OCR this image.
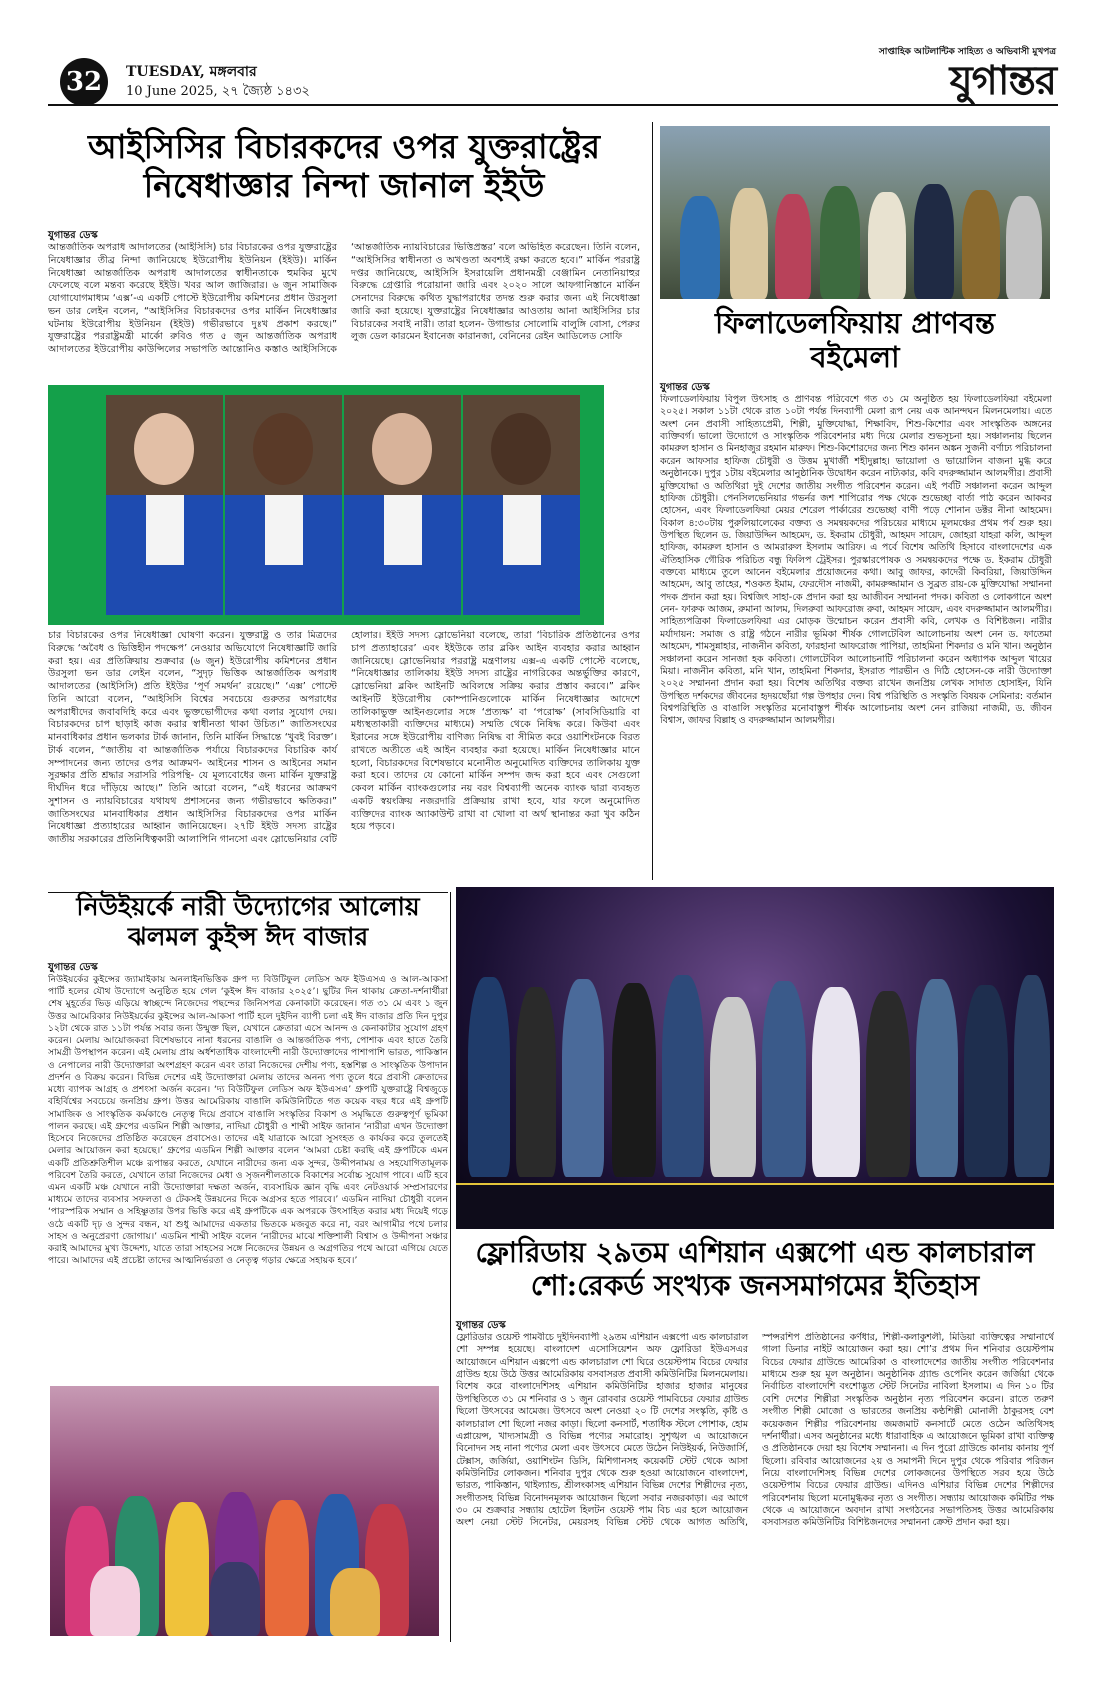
32	TUESDAY, মঙ্গলবার
10 June 2025, ২৭ জ্যৈষ্ঠ ১৪৩২
সাপ্তাহিক আটলান্টিক সাহিত্য ও অভিবাসী মুখপত্র
যুগান্তর
আইসিসির বিচারকদের ওপর যুক্তরাষ্ট্রের
নিষেধাজ্ঞার নিন্দা জানাল ইইউ
যুগান্তর ডেস্ক
আন্তর্জাতিক অপরাধ আদালতের (আইসিসি) চার বিচারকের ওপর যুক্তরাষ্ট্রের নিষেধাজ্ঞার তীব্র নিন্দা জানিয়েছে ইউরোপীয় ইউনিয়ন (ইইউ)। মার্কিন নিষেধাজ্ঞা আন্তর্জাতিক অপরাধ আদালতের স্বাধীনতাকে হুমকির মুখে ফেলেছে বলে মন্তব্য করেছে ইইউ। খবর আল জাজিরার। ৬ জুন সামাজিক যোগাযোগমাধ্যম ‘এক্স’-এ একটি পোস্টে ইউরোপীয় কমিশনের প্রধান উরসুলা ভন ডার লেইন বলেন, “আইসিসির বিচারকদের ওপর মার্কিন নিষেধাজ্ঞার ঘটনায় ইউরোপীয় ইউনিয়ন (ইইউ) গভীরভাবে দুঃখ প্রকাশ করছে।” যুক্তরাষ্ট্রের পররাষ্ট্রমন্ত্রী মার্কো রুবিও গত ৫ জুন আন্তর্জাতিক অপরাধ আদালতের ইউরোপীয় কাউন্সিলের সভাপতি আন্তোনিও কস্তাও আইসিসিকে ‘আন্তর্জাতিক ন্যায়বিচারের ভিত্তিপ্রস্তর’ বলে অভিহিত করেছেন। তিনি বলেন, “আইসিসির স্বাধীনতা ও অখণ্ডতা অবশ্যই রক্ষা করতে হবে।” মার্কিন পররাষ্ট্র দপ্তর জানিয়েছে, আইসিসি ইসরায়েলি প্রধানমন্ত্রী বেঞ্জামিন নেতানিয়াহুর বিরুদ্ধে গ্রেপ্তারি পরোয়ানা জারি এবং ২০২০ সালে আফগানিস্তানে মার্কিন সেনাদের বিরুদ্ধে কথিত যুদ্ধাপরাধের তদন্ত শুরু করার জন্য এই নিষেধাজ্ঞা জারি করা হয়েছে। যুক্তরাষ্ট্রের নিষেধাজ্ঞার আওতায় আনা আইসিসির চার বিচারকের সবাই নারী। তারা হলেন- উগান্ডার সোলোমি বালুঙ্গি বোসা, পেরুর লুজ ডেল কারমেন ইবানেজ কারানজা, বেনিনের রেইন আডিলেড সোফি
চার বিচারকের ওপর নিষেধাজ্ঞা ঘোষণা করেন। যুক্তরাষ্ট্র ও তার মিত্রদের বিরুদ্ধে ‘অবৈধ ও ভিত্তিহীন পদক্ষেপ’ নেওয়ার অভিযোগে নিষেধাজ্ঞাটি জারি করা হয়। এর প্রতিক্রিয়ায় শুক্রবার (৬ জুন) ইউরোপীয় কমিশনের প্রধান উরসুলা ভন ডার লেইন বলেন, “সুদৃঢ় ভিত্তিক আন্তর্জাতিক অপরাধ আদালতের (আইসিসি) প্রতি ইইউর ‘পূর্ণ সমর্থন’ রয়েছে।” ‘এক্স’ পোস্টে তিনি আরো বলেন, “আইসিসি বিশ্বের সবচেয়ে গুরুতর অপরাধের অপরাধীদের জবাবদিহি করে এবং ভুক্তভোগীদের কথা বলার সুযোগ দেয়। বিচারকদের চাপ ছাড়াই কাজ করার স্বাধীনতা থাকা উচিত।” জাতিসংঘের মানবাধিকার প্রধান ভলকার টার্ক জানান, তিনি মার্কিন সিদ্ধান্তে ‘খুবই বিরক্ত’। টার্ক বলেন, “জাতীয় বা আন্তর্জাতিক পর্যায়ে বিচারকদের বিচারিক কার্য সম্পাদনের জন্য তাদের ওপর আক্রমণ- আইনের শাসন ও আইনের সমান সুরক্ষার প্রতি শ্রদ্ধার সরাসরি পরিপন্থি- যে মূল্যবোধের জন্য মার্কিন যুক্তরাষ্ট্র দীর্ঘদিন ধরে দাঁড়িয়ে আছে।” তিনি আরো বলেন, “এই ধরনের আক্রমণ সুশাসন ও ন্যায়বিচারের যথাযথ প্রশাসনের জন্য গভীরভাবে ক্ষতিকর।” জাতিসংঘের মানবাধিকার প্রধান আইসিসির বিচারকদের ওপর মার্কিন নিষেধাজ্ঞা প্রত্যাহারের আহ্বান জানিয়েছেন। ২৭টি ইইউ সদস্য রাষ্ট্রের জাতীয় সরকারের প্রতিনিধিত্বকারী আলাপিনি গানসো এবং স্লোভেনিয়ার বেটি হোলার। ইইউ সদস্য স্লোভেনিয়া বলেছে, তারা ‘বিচারিক প্রতিষ্ঠানের ওপর চাপ প্রত্যাহারের’ এবং ইইউকে তার ব্লকিং আইন ব্যবহার করার আহ্বান জানিয়েছে। স্লোভেনিয়ার পররাষ্ট্র মন্ত্রণালয় এক্স-এ একটি পোস্টে বলেছে, “নিষেধাজ্ঞার তালিকায় ইইউ সদস্য রাষ্ট্রের নাগরিকের অন্তর্ভুক্তির কারণে, স্লোভেনিয়া ব্লকিং আইনটি অবিলম্বে সক্রিয় করার প্রস্তাব করবে।” ব্লকিং আইনটি ইউরোপীয় কোম্পানিগুলোকে মার্কিন নিষেধাজ্ঞার আদেশে তালিকাভুক্ত আইনগুলোর সঙ্গে ‘প্রত্যক্ষ’ বা ‘পরোক্ষ’ (সাবসিডিয়ারি বা মধ্যস্থতাকারী ব্যক্তিদের মাধ্যমে) সম্মতি থেকে নিষিদ্ধ করে। কিউবা এবং ইরানের সঙ্গে ইউরোপীয় বাণিজ্য নিষিদ্ধ বা সীমিত করে ওয়াশিংটনকে বিরত রাখতে অতীতে এই আইন ব্যবহার করা হয়েছে। মার্কিন নিষেধাজ্ঞার মানে হলো, বিচারকদের বিশেষভাবে মনোনীত অনুমোদিত ব্যক্তিদের তালিকায় যুক্ত করা হবে। তাদের যে কোনো মার্কিন সম্পদ জব্দ করা হবে এবং সেগুলো কেবল মার্কিন ব্যাংকগুলোর নয় বরং বিশ্বব্যাপী অনেক ব্যাংক দ্বারা ব্যবহৃত একটি স্বয়ংক্রিয় নজরদারি প্রক্রিয়ায় রাখা হবে, যার ফলে অনুমোদিত ব্যক্তিদের ব্যাংক অ্যাকাউন্ট রাখা বা খোলা বা অর্থ স্থানান্তর করা খুব কঠিন হয়ে পড়বে।
ফিলাডেলফিয়ায় প্রাণবন্ত
বইমেলা
যুগান্তর ডেস্ক
ফিলাডেলফিয়ায় বিপুল উৎসাহ ও প্রাণবন্ত পরিবেশে গত ৩১ মে অনুষ্ঠিত হয় ফিলাডেলফিয়া বইমেলা ২০২৫। সকাল ১১টা থেকে রাত ১০টা পর্যন্ত দিনব্যাপী মেলা রূপ নেয় এক আনন্দঘন মিলনমেলায়। এতে অংশ নেন প্রবাসী সাহিত্যপ্রেমী, শিল্পী, মুক্তিযোদ্ধা, শিক্ষাবিদ, শিশু-কিশোর এবং সাংস্কৃতিক অঙ্গনের ব্যক্তিবর্গ। ভালো উদ্যোগে ও সাংস্কৃতিক পরিবেশনার মধ্য দিয়ে মেলার শুভসূচনা হয়। সঞ্চালনায় ছিলেন কামরুল হাসান ও মিনহাজুর রহমান মারুফ। শিশু-কিশোরদের জন্য শিশু কানন অঙ্কন সুজনী বর্ণাঢ্য পরিচালনা করেন আফসার হাফিজ চৌধুরী ও উত্তম মুখার্জী শহীদুল্লাহ। ভায়োলা ও ভায়োলিন বাজনা মুগ্ধ করে অনুষ্ঠানকে। দুপুর ১টায় বইমেলার আনুষ্ঠানিক উদ্বোধন করেন নাট্যকার, কবি বদরুজ্জামান আলমগীর। প্রবাসী মুক্তিযোদ্ধা ও অতিথিরা দুই দেশের জাতীয় সংগীত পরিবেশন করেন। এই পর্বটি সঞ্চালনা করেন আব্দুল হাফিজ চৌধুরী। পেনসিলভেনিয়ার গভর্নর জশ শাপিরোর পক্ষ থেকে শুভেচ্ছা বার্তা পাঠ করেন আকবর হোসেন, এবং ফিলাডেলফিয়া মেয়র শেরেল পার্কারের শুভেচ্ছা বাণী পড়ে শোনান ডক্টর নীনা আহমেদ। বিকাল ৪:৩০টায় পুরুলিয়ালেকের বক্তব্য ও সমন্বয়কদের পরিচয়ের মাধ্যমে মূলমঞ্চের প্রথম পর্ব শুরু হয়। উপস্থিত ছিলেন ড. জিয়াউদ্দিন আহমেদ, ড. ইকরাম চৌধুরী, আহমদ সায়েদ, জোহরা যাহরা কলি, আব্দুল হাফিজ, কামরুল হাসান ও আমরারুল ইসলাম আরিফ। এ পর্বে বিশেষ অতিথি হিসাবে বাংলাদেশের এক ঐতিহাসিক গৌরিক পরিচিত বন্ধু ফিলিপ ট্রেইসর। পুরস্কারপোষক ও সমন্বয়কদের পক্ষে ড. ইকরাম চৌধুরী বক্তব্যে মাধ্যমে তুলে আনেন বইমেলার প্রয়োজনের কথা। আবু জাফর, কাদেরী কিবরিয়া, জিয়াউদ্দিন আহমেদ, আবু তাহের, শওকত ইমাম, ফেরদৌস নাজমী, কামরুজ্জামান ও সুব্রত রায়-কে মুক্তিযোদ্ধা সম্মাননা পদক প্রদান করা হয়। বিশ্বজিৎ সাহা-কে প্রদান করা হয় আজীবন সম্মাননা পদক। কবিতা ও লোকগানে অংশ নেন- ফারুক আজম, রুমানা আলম, দিলরুবা আফরোজ রুবা, আহমদ সায়েদ, এবং বদরুজ্জামান আলমগীর। সাহিত্যপত্রিকা ফিলাডেলফিয়া এর মোড়ক উন্মোচন করেন প্রবাসী কবি, লেখক ও বিশিষ্টজন। নারীর মর্যাদায়ন: সমাজ ও রাষ্ট্র গঠনে নারীর ভূমিকা শীর্ষক গোলটেবিল আলোচনায় অংশ নেন ড. ফাতেমা আহমেদ, শামসুন্নাহার, নাজনীন কবিতা, ফারহানা আফরোজ পাপিয়া, তাহমিনা শিকদার ও মনি খান। অনুষ্ঠান সঞ্চালনা করেন সানজা হক কবিতা। গোলটেবিল আলোচনাটি পরিচালনা করেন অধ্যাপক আব্দুল খায়ের মিয়া। নাজনীন কবিতা, মনি খান, তাহমিনা শিকদার, ইসরাত পারভীন ও দিঠি হোসেন-কে নারী উদ্যোক্তা ২০২৫ সম্মাননা প্রদান করা হয়। বিশেষ অতিথির বক্তব্য রাখেন জনপ্রিয় লেখক সাদাত হোসাইন, যিনি উপস্থিত দর্শকদের জীবনের হৃদয়ছোঁয়া গল্প উপহার দেন। বিশ্ব পরিস্থিতি ও সংস্কৃতি বিষয়ক সেমিনার: বর্তমান বিশ্বপরিস্থিতি ও বাঙালি সংস্কৃতির মনোবাস্তুপ শীর্ষক আলোচনায় অংশ নেন রাজিয়া নাজমী, ড. জীবন বিশ্বাস, জাফর বিল্লাহ ও বদরুজ্জামান আলমগীর।
নিউইয়র্কে নারী উদ্যোগের আলোয়
ঝলমল কুইন্স ঈদ বাজার
যুগান্তর ডেস্ক
নিউইয়র্কের কুইন্সের জ্যামাইকায় অনলাইনভিত্তিক গ্রুপ দ্য বিউটিফুল লেডিস অফ ইউএসএ ও আল-আকসা পার্টি হলের যৌথ উদ্যোগে অনুষ্ঠিত হয়ে গেল ‘কুইন্স ঈদ বাজার ২০২৫’। ছুটির দিন থাকায় ক্রেতা-দর্শনার্থীরা শেষ মুহূর্তের ভিড় এড়িয়ে স্বাচ্ছন্দে নিজেদের পছন্দের জিনিসপত্র কেনাকাটা করেছেন। গত ৩১ মে এবং ১ জুন উত্তর আমেরিকার নিউইয়র্কের কুইন্সের আল-আকসা পার্টি হলে দুইদিন ব্যাপী চলা এই ঈদ বাজার প্রতি দিন দুপুর ১২টা থেকে রাত ১১টা পর্যন্ত সবার জন্য উন্মুক্ত ছিল, যেখানে ক্রেতারা এসে আনন্দ ও কেনাকাটার সুযোগ গ্রহণ করেন। মেলায় আয়োজকরা বিশেষভাবে নানা ধরনের বাঙালি ও আন্তর্জাতিক পণ্য, পোশাক এবং হাতে তৈরি সামগ্রী উপস্থাপন করেন। এই মেলায় প্রায় অর্ধশতাধিক বাংলাদেশী নারী উদ্যোক্তাদের পাশাপাশি ভারত, পাকিস্তান ও নেপালের নারী উদ্যোক্তারা অংশগ্রহণ করেন এবং তারা নিজেদের দেশীয় পণ্য, হস্তশিল্প ও সাংস্কৃতিক উপাদান প্রদর্শন ও বিক্রয় করেন। বিভিন্ন দেশের এই উদ্যোক্তারা মেলায় তাদের অনন্য পণ্য তুলে ধরে প্রবাসী ক্রেতাদের মধ্যে ব্যাপক আগ্রহ ও প্রশংসা অর্জন করেন। ‘দ্য বিউটিফুল লেডিস অফ ইউএসএ’ গ্রুপটি যুক্তরাষ্ট্রে বিশ্বজুড়ে বহির্বিশ্বের সবচেয়ে জনপ্রিয় গ্রুপ। উত্তর আমেরিকায় বাঙালি কমিউনিটিতে গত কয়েক বছর ধরে এই গ্রুপটি সামাজিক ও সাংস্কৃতিক কর্মকাণ্ডে নেতৃত্ব দিয়ে প্রবাসে বাঙালি সংস্কৃতির বিকাশ ও সমৃদ্ধিতে গুরুত্বপূর্ণ ভূমিকা পালন করছে। এই গ্রুপের এডমিন শিল্পী আক্তার, নাদিয়া চৌধুরী ও শাম্মী সাইফ জানান ‘নারীরা এখন উদ্যোক্তা হিসেবে নিজেদের প্রতিষ্ঠিত করেছেন প্রবাসেও। তাদের এই যাত্রাকে আরো সুসংহত ও কার্যকর করে তুলতেই মেলার আয়োজন করা হয়েছে।’ গ্রুপের এডমিন শিল্পী আক্তার বলেন ‘আমরা চেষ্টা করছি এই গ্রুপটিকে এমন একটি প্রতিশ্রুতিশীল মঞ্চে রূপান্তর করতে, যেখানে নারীদের জন্য এক সুন্দর, উদ্দীপনাময় ও সহযোগিতামূলক পরিবেশ তৈরি করতে, যেখানে তারা নিজেদের মেধা ও সৃজনশীলতাকে বিকাশের সর্বোচ্চ সুযোগ পাবে। এটি হবে এমন একটি মঞ্চ যেখানে নারী উদ্যোক্তারা দক্ষতা অর্জন, ব্যবসায়িক জ্ঞান বৃদ্ধি এবং নেটওয়ার্ক সম্প্রসারণের মাধ্যমে তাদের ব্যবসার সফলতা ও টেকসই উন্নয়নের দিকে অগ্রসর হতে পারবে।’ এডমিন নাদিয়া চৌধুরী বলেন ‘পারস্পরিক সম্মান ও সহিষ্ণুতার উপর ভিত্তি করে এই গ্রুপটিকে এক অপরকে উৎসাহিত করার মধ্য দিয়েই গড়ে ওঠে একটি দৃঢ় ও সুন্দর বন্ধন, যা শুধু আমাদের একতার ভিতকে মজবুত করে না, বরং আগামীর পথে চলার সাহস ও অনুপ্রেরণা জোগায়।’ এডমিন শাম্মী সাইফ বলেন ‘নারীদের মাঝে শক্তিশালী বিশ্বাস ও উদ্দীপনা সঞ্চার করাই আমাদের মুখ্য উদ্দেশ্য, যাতে তারা সাহসের সঙ্গে নিজেদের উন্নয়ন ও অগ্রগতির পথে আরো এগিয়ে যেতে পারে। আমাদের এই প্রচেষ্টা তাদের আত্মনির্ভরতা ও নেতৃত্ব গড়ার ক্ষেত্রে সহায়ক হবে।’	ফ্লোরিডায় ২৯তম এশিয়ান এক্সপো এন্ড কালচারাল
শো:রেকর্ড সংখ্যক জনসমাগমের ইতিহাস
যুগান্তর ডেস্ক
ফ্লোরিডার ওয়েস্ট পামবীচে দুইদিনব্যাপী ২৯তম এশিয়ান এক্সপো এন্ড কালচারাল শো সম্পন্ন হয়েছে। বাংলাদেশ এসোসিয়েশন অফ ফ্লোরিডা ইউএসএর আয়োজনে এশিয়ান এক্সপো এন্ড কালচারাল শো ঘিরে ওয়েস্টপাম বিচের ফেয়ার গ্রাউন্ড হয়ে উঠে উত্তর আমেরিকায় বসবাসরত প্রবাসী কমিউনিটির মিলনমেলায়। বিশেষ করে বাংলাদেশিসহ এশিয়ান কমিউনিটির হাজার হাজার মানুষের উপস্থিতিতে ৩১ মে শনিবার ও ১ জুন রোববার ওয়েস্ট পামবিচের ফেয়ার গ্রাউন্ড ছিলো উৎসবের আমেজ। উৎসবে অংশ নেওয়া ২০ টি দেশের সংস্কৃতি, কৃষ্টি ও কালচারাল শো ছিলো নজর কাড়া। ছিলো কনসার্ট, শতাধিক স্টলে পোশাক, হোম এপ্লায়েন্স, খাদ্যসামগ্রী ও বিভিন্ন পণ্যের সমারোহ। সুশৃঙ্খল এ আয়োজনে বিনোদন সহ নানা পণ্যের মেলা এবং উৎসবে মেতে উঠেন নিউইয়র্ক, নিউজার্সি, টেক্সাস, জর্জিয়া, ওয়াশিংটন ডিসি, মিশিগানসহ কয়েকটি স্টেট থেকে আসা কমিউনিটির লোকজন। শনিবার দুপুর থেকে শুরু হওয়া আয়োজনে বাংলাদেশ, ভারত, পাকিস্তান, থাইল্যান্ড, শ্রীলংকাসহ এশিয়ান বিভিন্ন দেশের শিল্পীদের নৃত্য, সংগীতসহ বিভিন্ন বিনোদনমূলক আয়োজন ছিলো সবার নজরকাড়া। এর আগে ৩০ মে শুক্রবার সন্ধ্যায় হোটেল হিলটন ওয়েস্ট পাম বিচ এর হলে আয়োজন অংশ নেয়া স্টেট সিনেটর, মেয়রসহ বিভিন্ন স্টেট থেকে আগত অতিথি, স্পন্সরশিপ প্রতিষ্ঠানের কর্ণধার, শিল্পী-কলাকুশলী, মিডিয়া ব্যক্তিত্বের সম্মানার্থে গালা ডিনার নাইট আয়োজন করা হয়। শো’র প্রথম দিন শনিবার ওয়েস্টপাম বিচের ফেয়ার গ্রাউন্ডে আমেরিকা ও বাংলাদেশের জাতীয় সংগীত পরিবেশনার মাধ্যমে শুরু হয় মূল অনুষ্ঠান। অনুষ্ঠানিক গ্র্যান্ড ওপেনিং করেন জর্জিয়া থেকে নির্বাচিত বাংলাদেশি বংশোদ্ভূত স্টেট সিনেটর নাবিলা ইসলাম। এ দিন ১০ টির বেশি দেশের শিল্পীরা সংস্কৃতিক অনুষ্ঠান নৃত্য পরিবেশন করেন। রাতে তরুণ সংগীত শিল্পী মোজো ও ভারতের জনপ্রিয় কণ্ঠশিল্পী মোনালী ঠাকুরসহ বেশ কয়েকজন শিল্পীর পরিবেশনায় জমজমাট কনসার্টে মেতে ওঠেন অতিথিসহ দর্শনার্থীরা। এসব অনুষ্ঠানের মধ্যে ধারাবাহিক এ আয়োজনে ভূমিকা রাখা ব্যক্তিত্ব ও প্রতিষ্ঠানকে দেয়া হয় বিশেষ সম্মাননা। এ দিন পুরো গ্রাউন্ডে কানায় কানায় পূর্ণ ছিলো। রবিবার আয়োজনের ২য় ও সমাপনী দিনে দুপুর থেকে পরিবার পরিজন নিয়ে বাংলাদেশিসহ বিভিন্ন দেশের লোকজনের উপস্থিতে সরব হয়ে উঠে ওয়েস্টপাম বিচের ফেয়ার গ্রাউন্ড। এদিনও এশিয়ার বিভিন্ন দেশের শিল্পীদের পরিবেশনায় ছিলো মনোমুগ্ধকর নৃত্য ও সংগীত। সন্ধ্যায় আয়োজক কমিটির পক্ষ থেকে এ আয়োজনে অবদান রাখা সংগঠনের সভাপতিসহ উত্তর আমেরিকায় বসবাসরত কমিউনিটির বিশিষ্টজনদের সম্মাননা ক্রেস্ট প্রদান করা হয়।
